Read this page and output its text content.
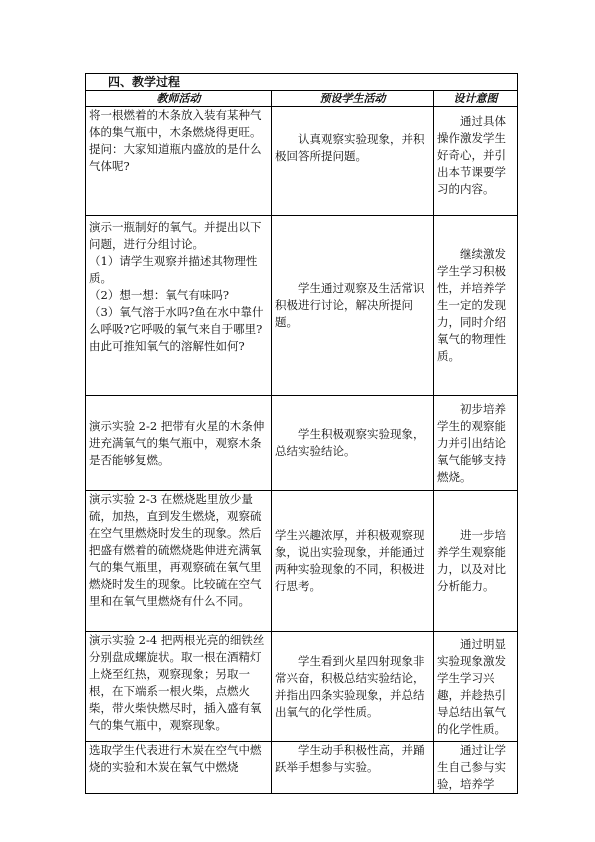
四、教学过程		
教师活动	预设学生活动	设计意图
将一根燃着的木条放入装有某种气体的集气瓶中，木条燃烧得更旺。提问：大家知道瓶内盛放的是什么气体呢?	认真观察实验现象，并积极回答所提问题。	通过具体操作激发学生好奇心，并引出本节课要学习的内容。

演示一瓶制好的氧气。并提出以下问题，进行分组讨论。
（1）请学生观察并描述其物理性质。
（2）想一想：氧气有味吗?
（3）氧气溶于水吗?鱼在水中靠什么呼吸?它呼吸的氧气来自于哪里?由此可推知氧气的溶解性如何?	学生通过观察及生活常识积极进行讨论，解决所提问题。	继续激发学生学习积极性，并培养学生一定的发现力，同时介绍氧气的物理性质。
演示实验 2-2 把带有火星的木条伸进充满氧气的集气瓶中，观察木条是否能够复燃。	学生积极观察实验现象，总结实验结论。	初步培养学生的观察能力并引出结论氧气能够支持燃烧。
演示实验 2-3 在燃烧匙里放少量硫，加热，直到发生燃烧，观察硫在空气里燃烧时发生的现象。然后把盛有燃着的硫燃烧匙伸进充满氧气的集气瓶里，再观察硫在氧气里燃烧时发生的现象。比较硫在空气里和在氧气里燃烧有什么不同。	学生兴趣浓厚，并积极观察现象，说出实验现象，并能通过两种实验现象的不同，积极进行思考。	进一步培养学生观察能力，以及对比分析能力。
演示实验 2-4 把两根光亮的细铁丝分别盘成螺旋状。取一根在酒精灯上烧至红热，观察现象；另取一根，在下端系一根火柴，点燃火柴，带火柴快燃尽时，插入盛有氧气的集气瓶中，观察现象。	学生看到火星四射现象非常兴奋，积极总结实验结论，并指出四条实验现象，并总结出氧气的化学性质。	通过明显实验现象激发学生学习兴趣，并趁热引导总结出氧气的化学性质。
选取学生代表进行木炭在空气中燃烧的实验和木炭在氧气中燃烧	学生动手积极性高，并踊跃举手想参与实验。	通过让学生自己参与实验，培养学
